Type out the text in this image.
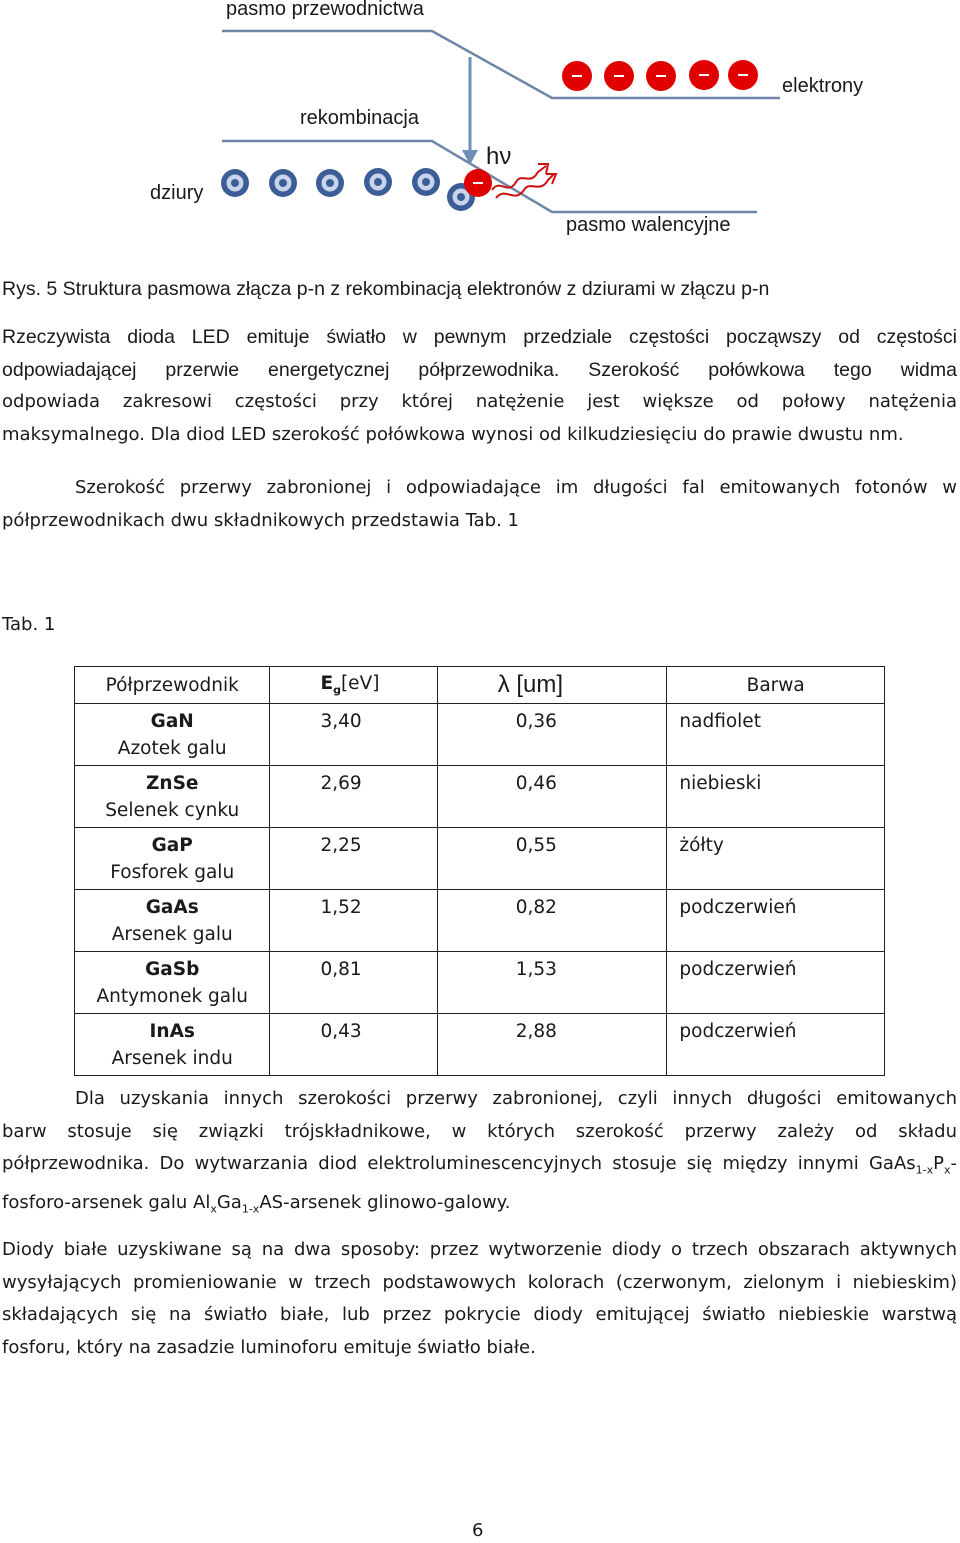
pasmo przewodnictwa
rekombinacja
dziury
hν
elektrony
pasmo walencyjne
Rys. 5 Struktura pasmowa złącza p-n z rekombinacją elektronów z dziurami w złączu p-n
Rzeczywista dioda LED emituje światło w pewnym przedziale częstości począwszy od częstości
odpowiadającej przerwie energetycznej półprzewodnika. Szerokość połówkowa tego widma
odpowiada zakresowi częstości przy której natężenie jest większe od połowy natężenia
maksymalnego. Dla diod LED szerokość połówkowa wynosi od kilkudziesięciu do prawie dwustu nm.
Szerokość przerwy zabronionej i odpowiadające im długości fal emitowanych fotonów w
półprzewodnikach dwu składnikowych przedstawia Tab. 1
Tab. 1
Półprzewodnik	$E_g[eV]$	λ [um]	Barwa

GaN
Azotek galu	3,40	0,36	nadfiolet

ZnSe
Selenek cynku	2,69	0,46	niebieski

GaP
Fosforek galu	2,25	0,55	żółty

GaAs
Arsenek galu	1,52	0,82	podczerwień

GaSb
Antymonek galu	0,81	1,53	podczerwień

InAs
Arsenek indu	0,43	2,88	podczerwień
Dla uzyskania innych szerokości przerwy zabronionej, czyli innych długości emitowanych
barw stosuje się związki trójskładnikowe, w których szerokość przerwy zależy od składu
półprzewodnika. Do wytwarzania diod elektroluminescencyjnych stosuje się między innymi $GaAs_{1-x}P_x-$
fosforo-arsenek galu $Al_xGa_{1-x}AS$-arsenek glinowo-galowy.
Diody białe uzyskiwane są na dwa sposoby: przez wytworzenie diody o trzech obszarach aktywnych
wysyłających promieniowanie w trzech podstawowych kolorach (czerwonym, zielonym i niebieskim)
składających się na światło białe, lub przez pokrycie diody emitującej światło niebieskie warstwą
fosforu, który na zasadzie luminoforu emituje światło białe.
6
